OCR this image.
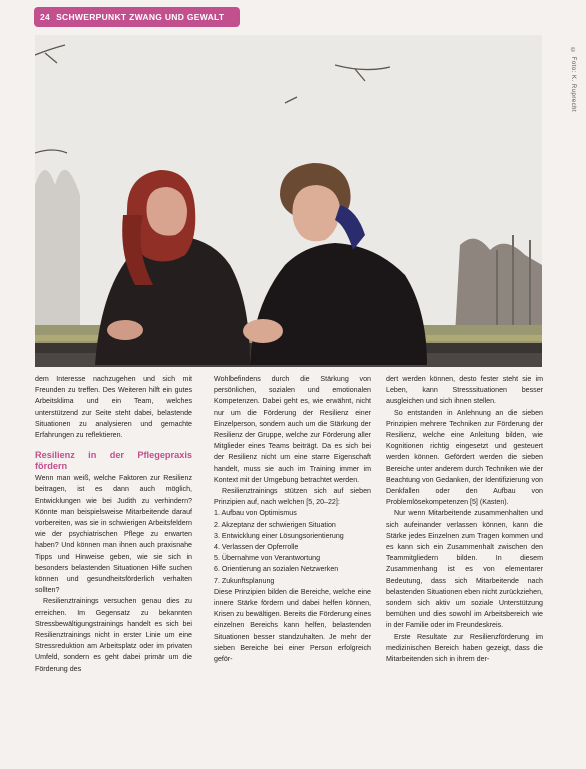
24 SCHWERPUNKT ZWANG UND GEWALT
© Foto: K. Ruprecht

dem Interesse nachzugehen und sich mit Freunden zu treffen. Des Weiteren hilft ein gutes Arbeitsklima und ein Team, welches unterstützend zur Seite steht dabei, belastende Situationen zu analysieren und gemachte Erfahrungen zu reflektieren.

Resilienz in der Pflegepraxis fördern

Wenn man weiß, welche Faktoren zur Resilienz beitragen, ist es dann auch möglich, Entwicklungen wie bei Judith zu verhindern? Könnte man beispielsweise Mitarbeitende darauf vorbereiten, was sie in schwierigen Arbeitsfeldern wie der psychiatrischen Pflege zu erwarten haben? Und können man ihnen auch praxisnahe Tipps und Hinweise geben, wie sie sich in besonders belastenden Situationen Hilfe suchen können und gesundheitsförderlich verhalten sollten?

Resilienztrainings versuchen genau dies zu erreichen. Im Gegensatz zu bekannten Stressbewältigungstrainings handelt es sich bei Resilienztrainings nicht in erster Linie um eine Stressreduktion am Arbeitsplatz oder im privaten Umfeld, sondern es geht dabei primär um die Förderung des

Wohlbefindens durch die Stärkung von persönlichen, sozialen und emotionalen Kompetenzen. Dabei geht es, wie erwähnt, nicht nur um die Förderung der Resilienz einer Einzelperson, sondern auch um die Stärkung der Resilienz der Gruppe, welche zur Förderung aller Mitglieder eines Teams beiträgt. Da es sich bei der Resilienz nicht um eine starre Eigenschaft handelt, muss sie auch im Training immer im Kontext mit der Umgebung betrachtet werden.

Resilienztrainings stützen sich auf sieben Prinzipien auf, nach welchen [5, 20–22]:

1. Aufbau von Optimismus
2. Akzeptanz der schwierigen Situation
3. Entwicklung einer Lösungsorientierung
4. Verlassen der Opferrolle
5. Übernahme von Verantwortung
6. Orientierung an sozialen Netzwerken
7. Zukunftsplanung

Diese Prinzipien bilden die Bereiche, welche eine innere Stärke fördern und dabei helfen können, Krisen zu bewältigen. Bereits die Förderung eines einzelnen Bereichs kann helfen, belastenden Situationen besser standzuhalten. Je mehr der sieben Bereiche bei einer Person erfolgreich geför-

dert werden können, desto fester steht sie im Leben, kann Stresssituationen besser ausgleichen und sich ihnen stellen.

So entstanden in Anlehnung an die sieben Prinzipien mehrere Techniken zur Förderung der Resilienz, welche eine Anleitung bilden, wie Kognitionen richtig eingesetzt und gesteuert werden können. Gefördert werden die sieben Bereiche unter anderem durch Techniken wie der Beachtung von Gedanken, der Identifizierung von Denkfallen oder den Aufbau von Problemlösekompetenzen [5] (Kasten).

Nur wenn Mitarbeitende zusammenhalten und sich aufeinander verlassen können, kann die Stärke jedes Einzelnen zum Tragen kommen und es kann sich ein Zusammenhalt zwischen den Teammitgliedern bilden. In diesem Zusammenhang ist es von elementarer Bedeutung, dass sich Mitarbeitende nach belastenden Situationen eben nicht zurückziehen, sondern sich aktiv um soziale Unterstützung bemühen und dies sowohl im Arbeitsbereich wie in der Familie oder im Freundeskreis.

Erste Resultate zur Resilienzförderung im medizinischen Bereich haben gezeigt, dass die Mitarbeitenden sich in ihrem der-
